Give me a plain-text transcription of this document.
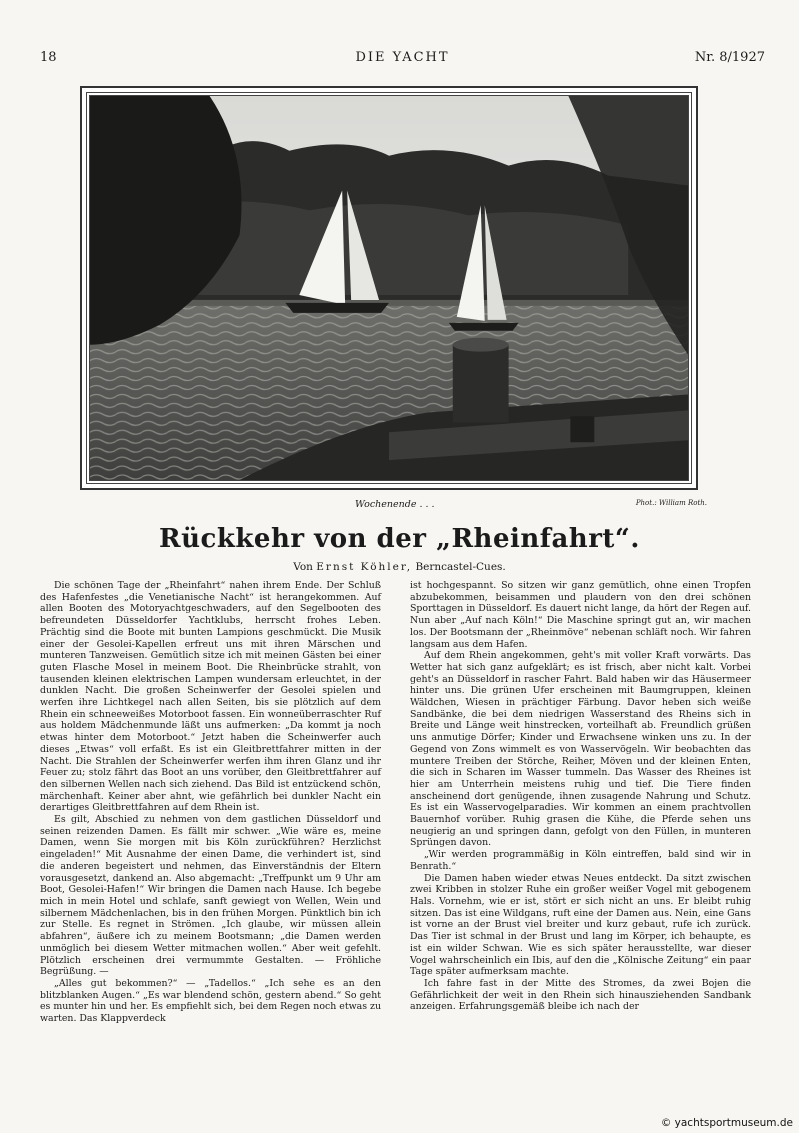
18	DIE YACHT	Nr. 8/1927
Wochenende . . .	Phot.: William Roth.
Rückkehr von der „Rheinfahrt“.
Von Ernst Köhler, Berncastel-Cues.

Die schönen Tage der „Rheinfahrt“ nahen ihrem Ende. Der Schluß des Hafenfestes „die Venetianische Nacht“ ist herangekommen. Auf allen Booten des Motoryachtgeschwaders, auf den Segelbooten des befreundeten Düsseldorfer Yachtklubs, herrscht frohes Leben. Prächtig sind die Boote mit bunten Lampions geschmückt. Die Musik einer der Gesolei-Kapellen erfreut uns mit ihren Märschen und munteren Tanzweisen. Gemütlich sitze ich mit meinen Gästen bei einer guten Flasche Mosel in meinem Boot. Die Rheinbrücke strahlt, von tausenden kleinen elektrischen Lampen wundersam erleuchtet, in der dunklen Nacht. Die großen Scheinwerfer der Gesolei spielen und werfen ihre Lichtkegel nach allen Seiten, bis sie plötzlich auf dem Rhein ein schneeweißes Motorboot fassen. Ein wonneüberraschter Ruf aus holdem Mädchenmunde läßt uns aufmerken: „Da kommt ja noch etwas hinter dem Motorboot.“ Jetzt haben die Scheinwerfer auch dieses „Etwas“ voll erfaßt. Es ist ein Gleitbrettfahrer mitten in der Nacht. Die Strahlen der Scheinwerfer werfen ihm ihren Glanz und ihr Feuer zu; stolz fährt das Boot an uns vorüber, den Gleitbrettfahrer auf den silbernen Wellen nach sich ziehend. Das Bild ist entzückend schön, märchenhaft. Keiner aber ahnt, wie gefährlich bei dunkler Nacht ein derartiges Gleitbrettfahren auf dem Rhein ist.

Es gilt, Abschied zu nehmen von dem gastlichen Düsseldorf und seinen reizenden Damen. Es fällt mir schwer. „Wie wäre es, meine Damen, wenn Sie morgen mit bis Köln zurückführen? Herzlichst eingeladen!“ Mit Ausnahme der einen Dame, die verhindert ist, sind die anderen begeistert und nehmen, das Einverständnis der Eltern vorausgesetzt, dankend an. Also abgemacht: „Treffpunkt um 9 Uhr am Boot, Gesolei-Hafen!“ Wir bringen die Damen nach Hause. Ich begebe mich in mein Hotel und schlafe, sanft gewiegt von Wellen, Wein und silbernem Mädchenlachen, bis in den frühen Morgen. Pünktlich bin ich zur Stelle. Es regnet in Strömen. „Ich glaube, wir müssen allein abfahren“, äußere ich zu meinem Bootsmann; „die Damen werden unmöglich bei diesem Wetter mitmachen wollen.“ Aber weit gefehlt. Plötzlich erscheinen drei vermummte Gestalten. — Fröhliche Begrüßung. —

„Alles gut bekommen?“ — „Tadellos.“ „Ich sehe es an den blitzblanken Augen.“ „Es war blendend schön, gestern abend.“ So geht es munter hin und her. Es empfiehlt sich, bei dem Regen noch etwas zu warten. Das Klappverdeck

ist hochgespannt. So sitzen wir ganz gemütlich, ohne einen Tropfen abzubekommen, beisammen und plaudern von den drei schönen Sporttagen in Düsseldorf. Es dauert nicht lange, da hört der Regen auf. Nun aber „Auf nach Köln!“ Die Maschine springt gut an, wir machen los. Der Bootsmann der „Rheinmöve“ nebenan schläft noch. Wir fahren langsam aus dem Hafen.

Auf dem Rhein angekommen, geht's mit voller Kraft vorwärts. Das Wetter hat sich ganz aufgeklärt; es ist frisch, aber nicht kalt. Vorbei geht's an Düsseldorf in rascher Fahrt. Bald haben wir das Häusermeer hinter uns. Die grünen Ufer erscheinen mit Baumgruppen, kleinen Wäldchen, Wiesen in prächtiger Färbung. Davor heben sich weiße Sandbänke, die bei dem niedrigen Wasserstand des Rheins sich in Breite und Länge weit hinstrecken, vorteilhaft ab. Freundlich grüßen uns anmutige Dörfer; Kinder und Erwachsene winken uns zu. In der Gegend von Zons wimmelt es von Wasservögeln. Wir beobachten das muntere Treiben der Störche, Reiher, Möven und der kleinen Enten, die sich in Scharen im Wasser tummeln. Das Wasser des Rheines ist hier am Unterrhein meistens ruhig und tief. Die Tiere finden anscheinend dort genügende, ihnen zusagende Nahrung und Schutz. Es ist ein Wasservogelparadies. Wir kommen an einem prachtvollen Bauernhof vorüber. Ruhig grasen die Kühe, die Pferde sehen uns neugierig an und springen dann, gefolgt von den Füllen, in munteren Sprüngen davon.

„Wir werden programmäßig in Köln eintreffen, bald sind wir in Benrath.“

Die Damen haben wieder etwas Neues entdeckt. Da sitzt zwischen zwei Kribben in stolzer Ruhe ein großer weißer Vogel mit gebogenem Hals. Vornehm, wie er ist, stört er sich nicht an uns. Er bleibt ruhig sitzen. Das ist eine Wildgans, ruft eine der Damen aus. Nein, eine Gans ist vorne an der Brust viel breiter und kurz gebaut, rufe ich zurück. Das Tier ist schmal in der Brust und lang im Körper, ich behaupte, es ist ein wilder Schwan. Wie es sich später herausstellte, war dieser Vogel wahrscheinlich ein Ibis, auf den die „Kölnische Zeitung“ ein paar Tage später aufmerksam machte.

Ich fahre fast in der Mitte des Stromes, da zwei Bojen die Gefährlichkeit der weit in den Rhein sich hinausziehenden Sandbank anzeigen. Erfahrungsgemäß bleibe ich nach der

© yachtsportmuseum.de
